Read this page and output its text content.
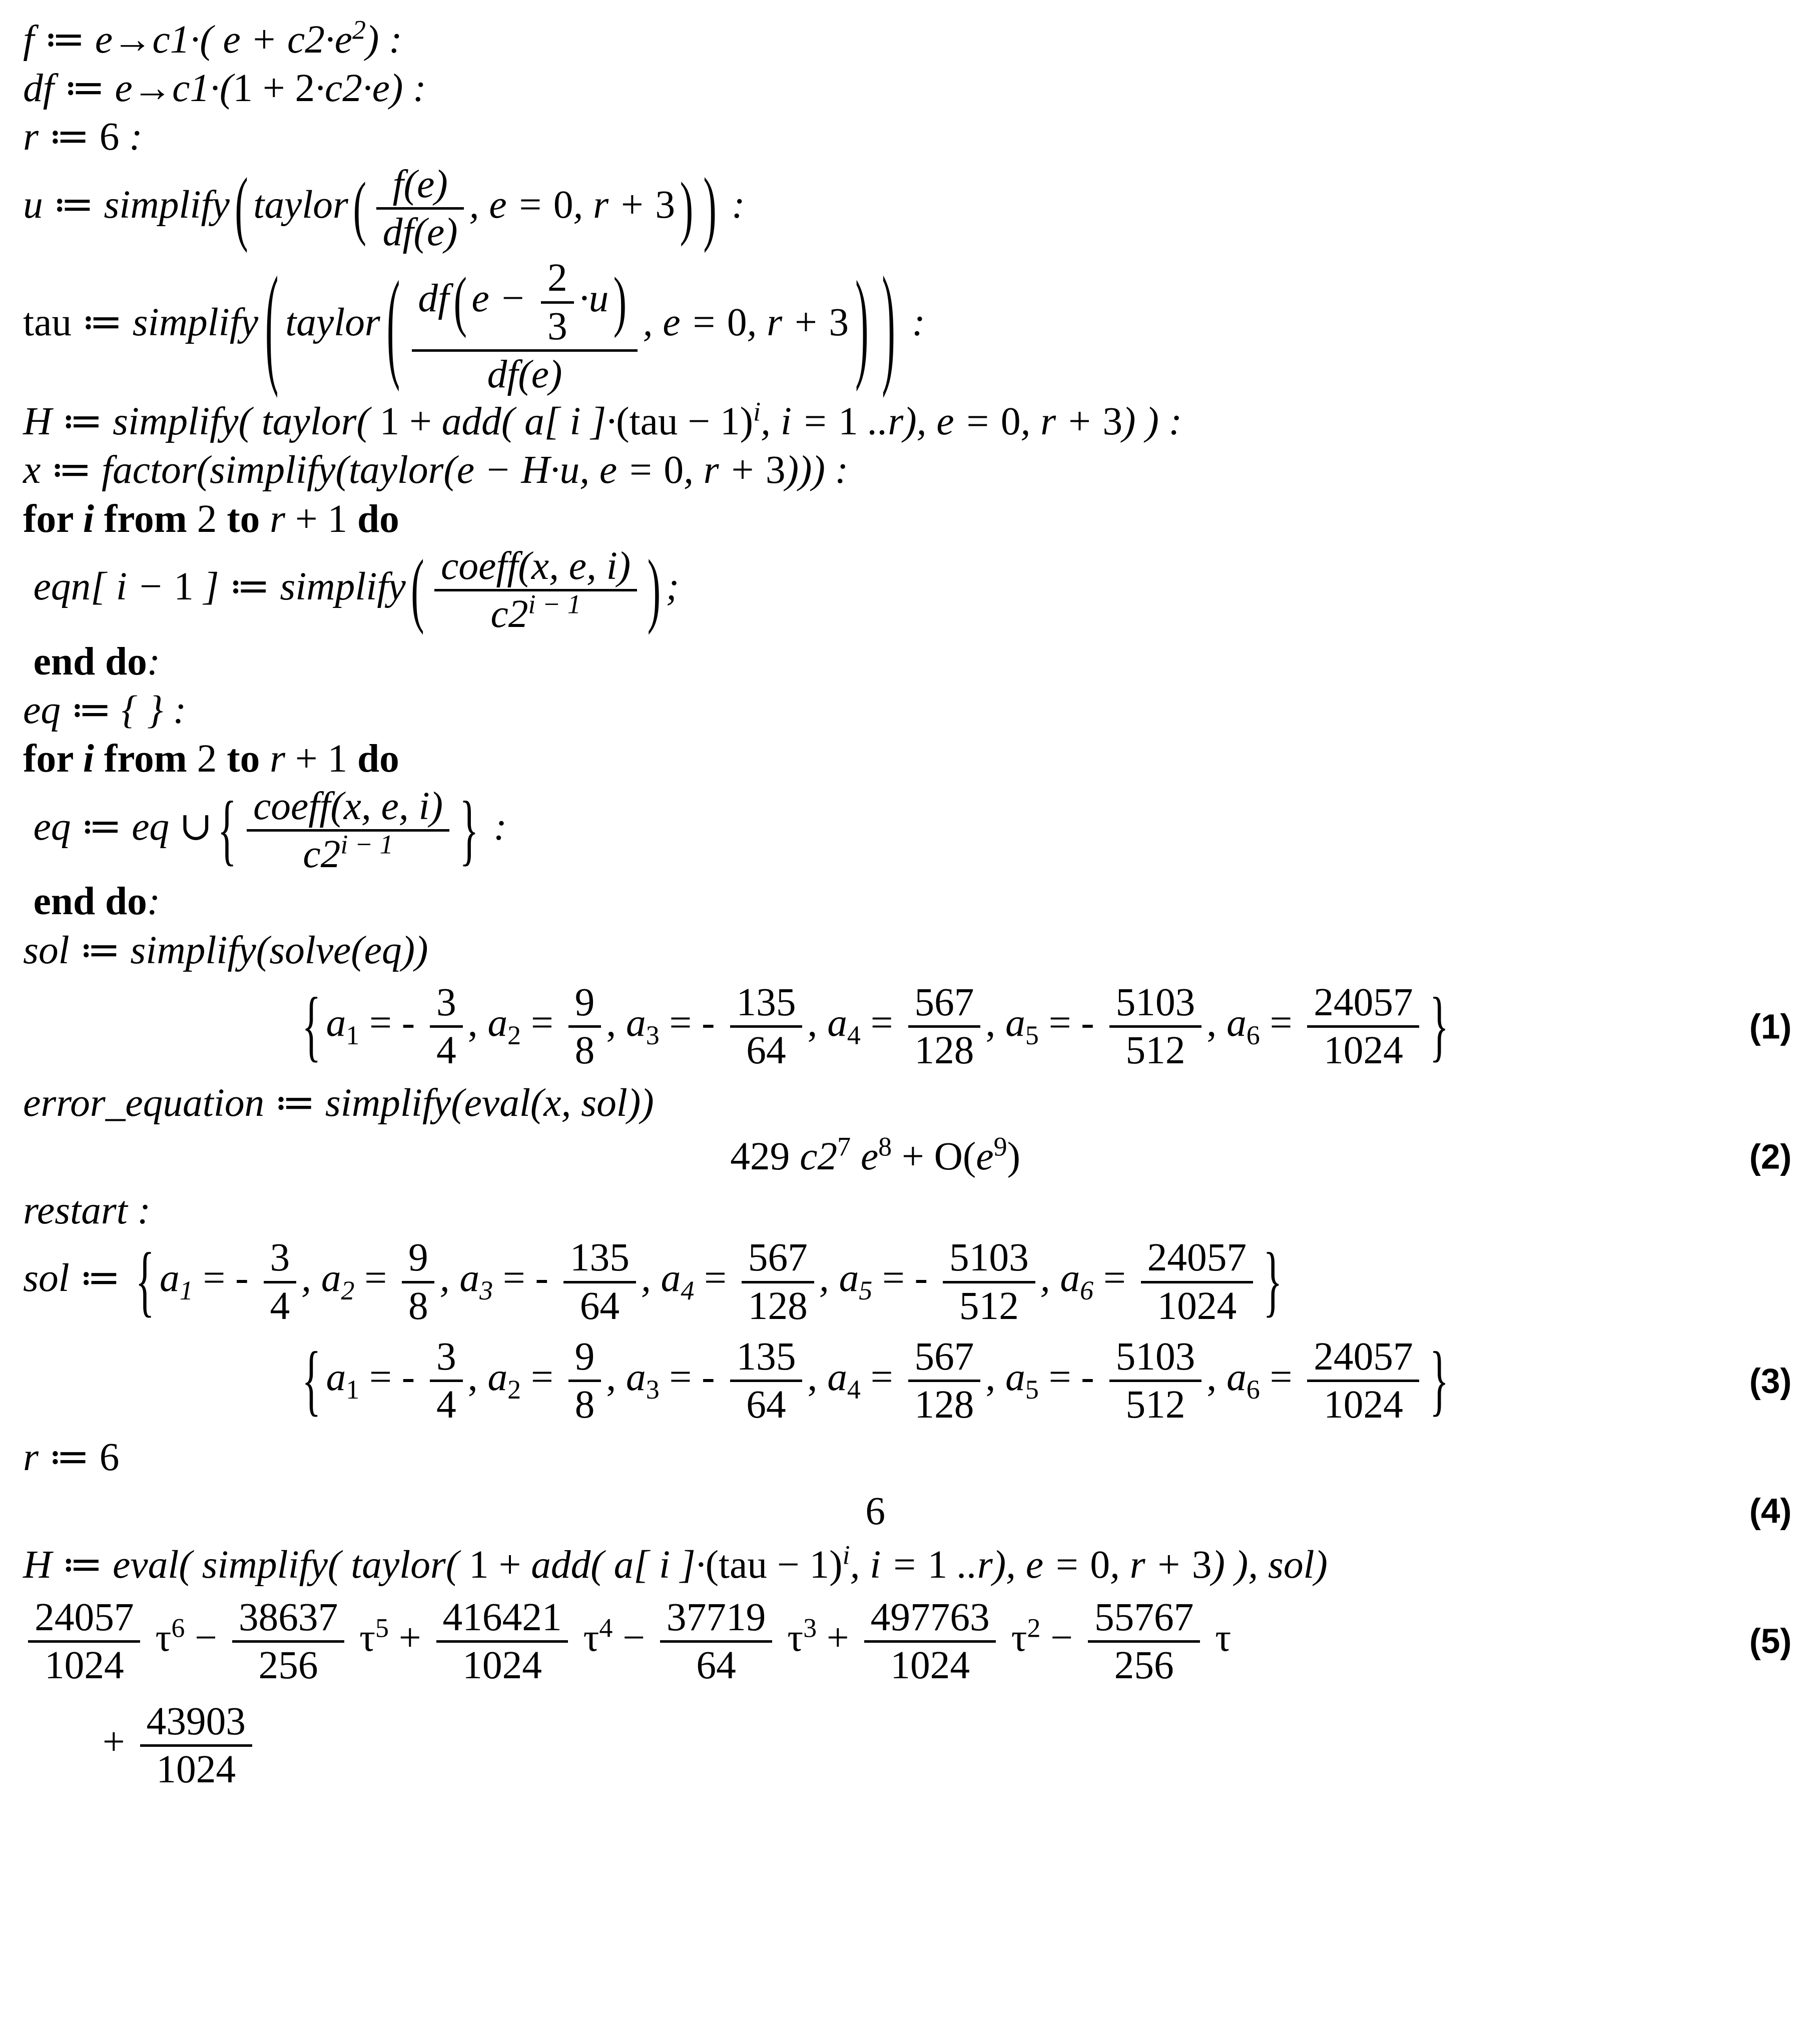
f ≔ e→c1·( $e + c2\cdot e^2$) :
df ≔ e→c1·(1 + 2·c2·e) :
r ≔ 6 :
u ≔ simplify ( taylor ( $\frac{f(e)}{df(e)}$ , e = 0, r + 3 ) ) :
tau ≔ simplify ( taylor ( $\frac{df ( e - \frac{2}{3} \cdot u )}{df(e)}$ , e = 0, r + 3 ) ) :
H ≔ simplify( taylor( 1 + add( a[ i ]·(tau − 1)$^i$, i = 1 ..r), e = 0, r + 3) ) :
x ≔ factor(simplify(taylor(e − H·u, e = 0, r + 3))) :
for i from 2 to r + 1 do
eqn[ i − 1 ] ≔ simplify ( $\frac{\text{coeff(x, e, i)}}{c2^{i - 1}}$ ) ;
end do:
eq ≔ { } :
for i from 2 to r + 1 do
eq ≔ eq ∪ { $\frac{\text{coeff(x, e, i)}}{c2^{i - 1}}$ } :
end do:
sol ≔ simplify(solve(eq))
{ $a_1$ = - $\frac{3}{4}$ , $a_2 = \frac{9}{8}$ , $a_3$ = - $\frac{135}{64}$ , $a_4 = \frac{567}{128}$ , $a_5$ = - $\frac{5103}{512}$ , $a_6 = \frac{24057}{1024}$ }	(1)
error_equation ≔ simplify(eval(x, sol))
429 $c2^7$ $e^8 + O(e^9)$	(2)
restart :
sol ≔ { $a_1$ = - $\frac{3}{4}$ , $a_2 = \frac{9}{8}$ , $a_3$ = - $\frac{135}{64}$ , $a_4 = \frac{567}{128}$ , $a_5$ = - $\frac{5103}{512}$ , $a_6 = \frac{24057}{1024}$ }
{ $a_1$ = - $\frac{3}{4}$ , $a_2 = \frac{9}{8}$ , $a_3$ = - $\frac{135}{64}$ , $a_4 = \frac{567}{128}$ , $a_5$ = - $\frac{5103}{512}$ , $a_6 = \frac{24057}{1024}$ }	(3)
r ≔ 6
6	(4)
H ≔ eval( simplify( taylor( 1 + add( a[ i ]·(tau − 1)$^i$, i = 1 ..r), e = 0, r + 3) ), sol)
$\frac{24057}{1024} \tau^6 - \frac{38637}{256} \tau^5 + \frac{416421}{1024} \tau^4 - \frac{37719}{64} \tau^3 + \frac{497763}{1024} \tau^2 - \frac{55767}{256}$ τ	(5)
+ $\frac{43903}{1024}$
